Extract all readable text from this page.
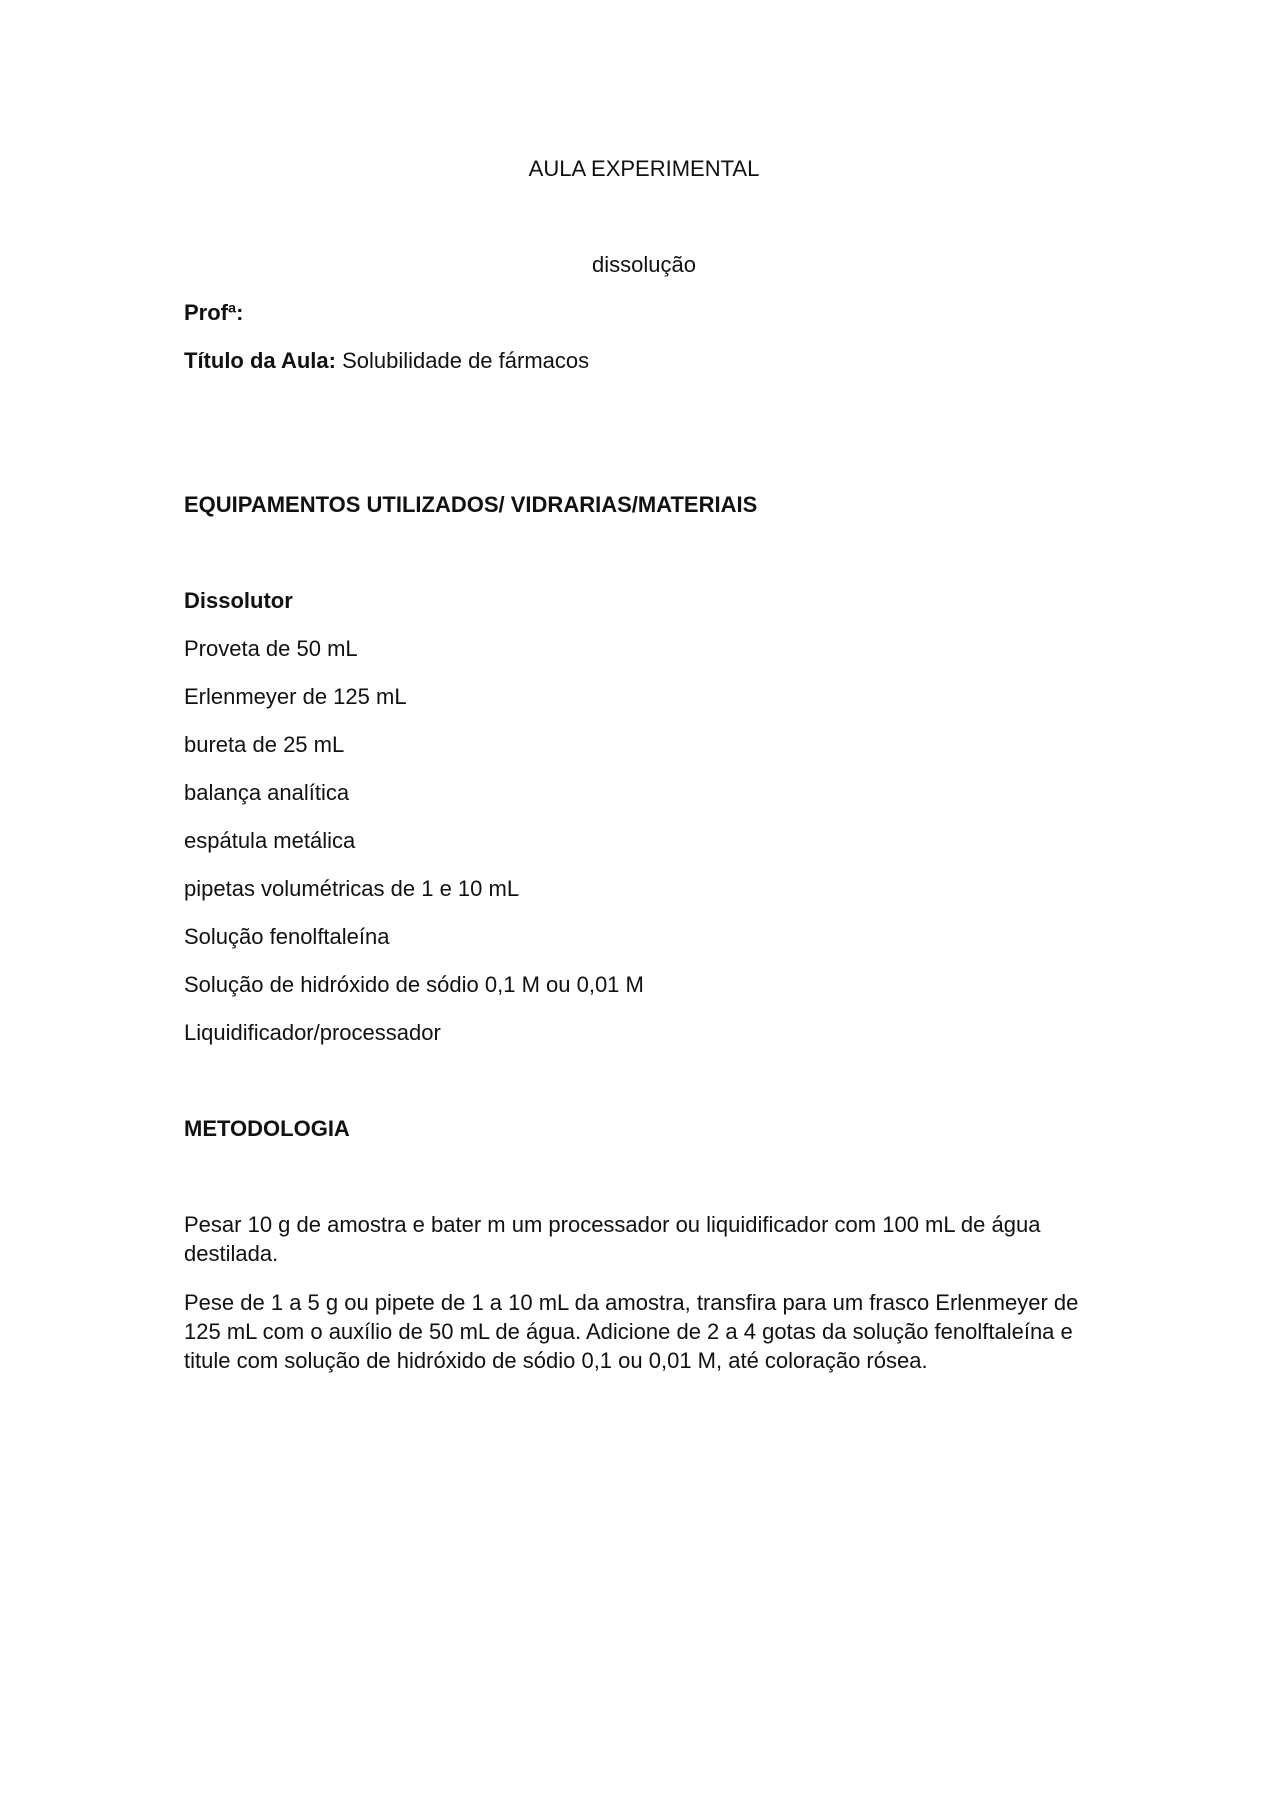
AULA EXPERIMENTAL

dissolução

Profª:

Título da Aula: Solubilidade de fármacos

EQUIPAMENTOS UTILIZADOS/ VIDRARIAS/MATERIAIS

Dissolutor

Proveta de 50 mL

Erlenmeyer de 125 mL

bureta de 25 mL

balança analítica

espátula metálica

pipetas volumétricas de 1 e 10 mL

Solução fenolftaleína

Solução de hidróxido de sódio 0,1 M ou 0,01 M

Liquidificador/processador

METODOLOGIA

Pesar 10 g de amostra e bater m um processador ou liquidificador com 100 mL de água destilada.

Pese de 1 a 5 g ou pipete de 1 a 10 mL da amostra, transfira para um frasco Erlenmeyer de 125 mL com o auxílio de 50 mL de água. Adicione de 2 a 4 gotas da solução fenolftaleína e titule com solução de hidróxido de sódio 0,1 ou 0,01 M, até coloração rósea.
